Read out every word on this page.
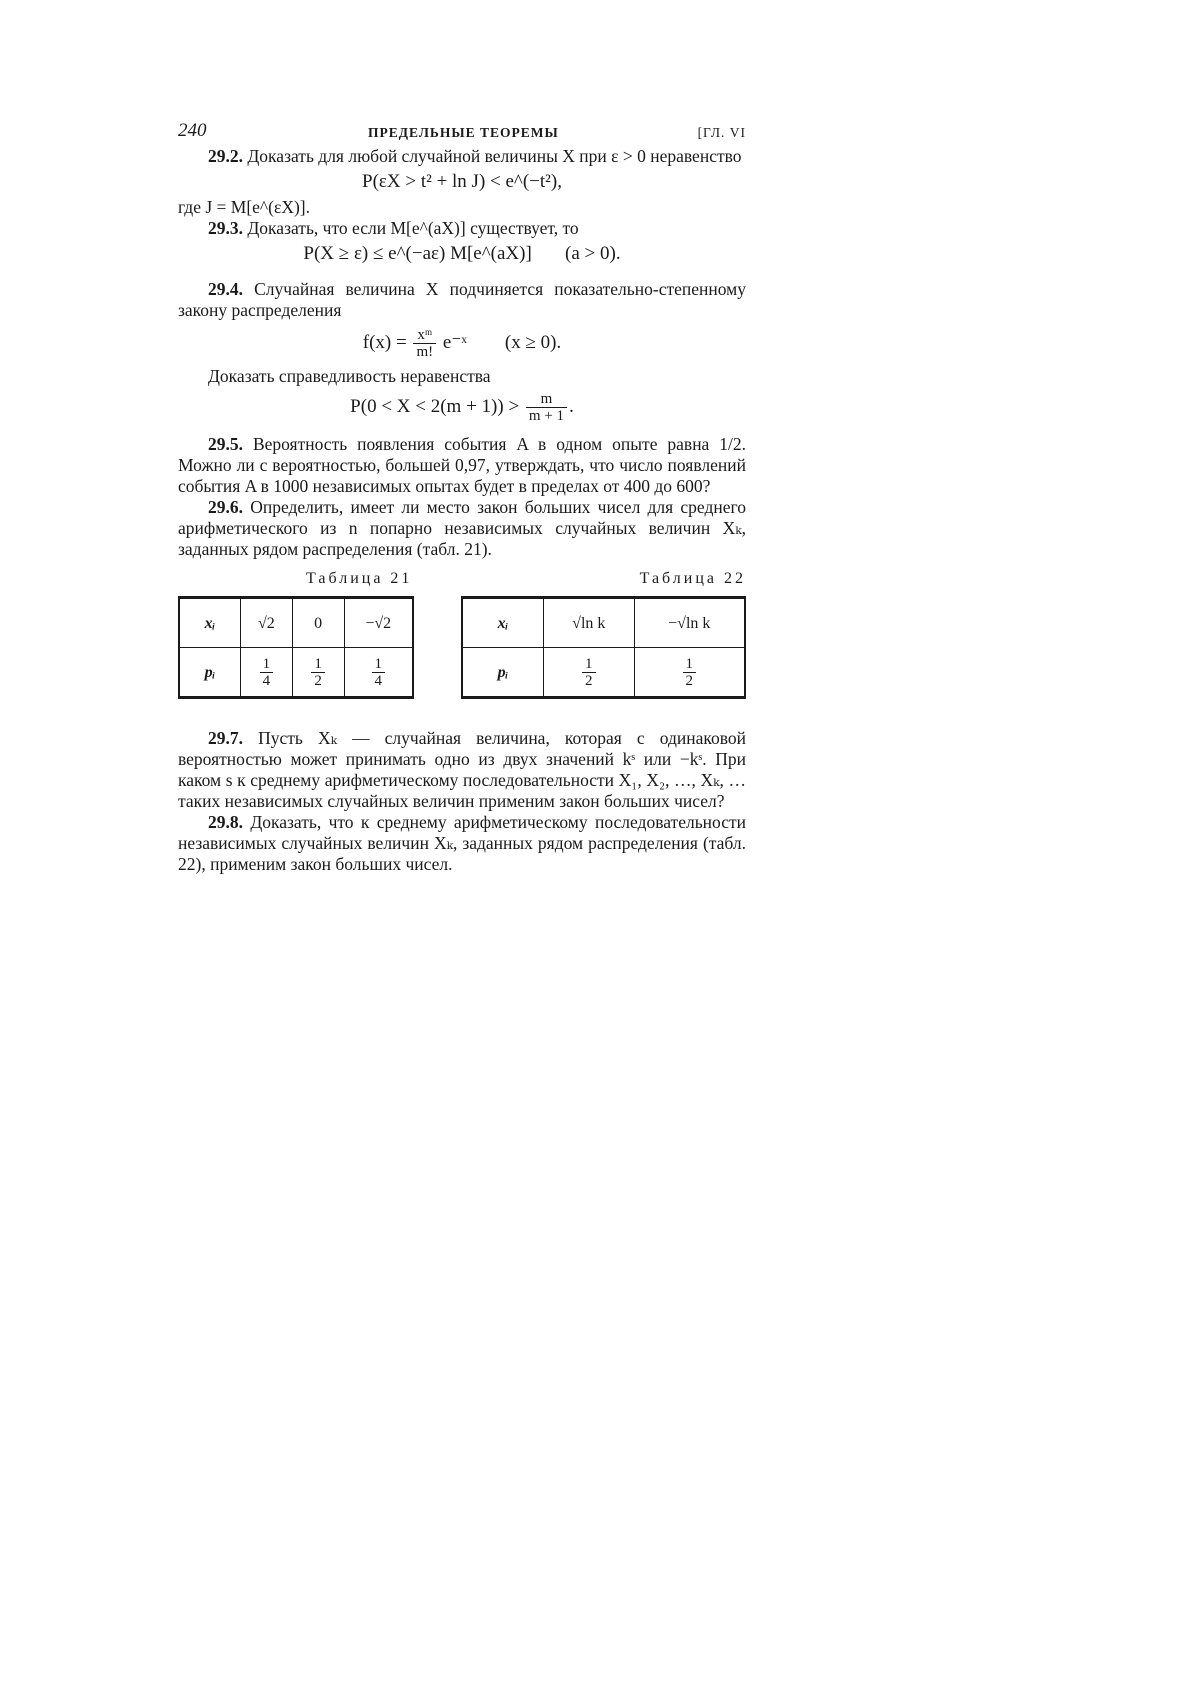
240	ПРЕДЕЛЬНЫЕ ТЕОРЕМЫ	[ГЛ. VI

29.2. Доказать для любой случайной величины X при ε > 0 неравенство

P(εX > t² + ln J) < e^(−t²),

где J = M[e^(εX)].

29.3. Доказать, что если M[e^(aX)] существует, то

P(X ≥ ε) ≤ e^(−aε) M[e^(aX)] (a > 0).

29.4. Случайная величина X подчиняется показательно-степенному закону распределения

$f(x) = \frac{\text{xᵐ}}{m!}$ e⁻ˣ (x ≥ 0).

Доказать справедливость неравенства

$P(0 < X < 2(m + 1)) > \frac{m}{m + 1}$ .

29.5. Вероятность появления события A в одном опыте равна 1/2. Можно ли с вероятностью, большей 0,97, утверждать, что число появлений события A в 1000 независимых опытах будет в пределах от 400 до 600?

29.6. Определить, имеет ли место закон больших чисел для среднего арифметического из n попарно независимых случайных величин Xₖ, заданных рядом распределения (табл. 21).

Таблица 21	Таблица 22
xᵢ	√2	0	−√2
pᵢ	$\frac{1}{4}$	$\frac{1}{2}$	$\frac{1}{4}$
xᵢ	√ln k	−√ln k
pᵢ	$\frac{1}{2}$	$\frac{1}{2}$

29.7. Пусть Xₖ — случайная величина, которая с одинаковой вероятностью может принимать одно из двух значений kˢ или −kˢ. При каком s к среднему арифметическому последовательности X₁, X₂, …, Xₖ, … таких независимых случайных величин применим закон больших чисел?

29.8. Доказать, что к среднему арифметическому последовательности независимых случайных величин Xₖ, заданных рядом распределения (табл. 22), применим закон больших чисел.
